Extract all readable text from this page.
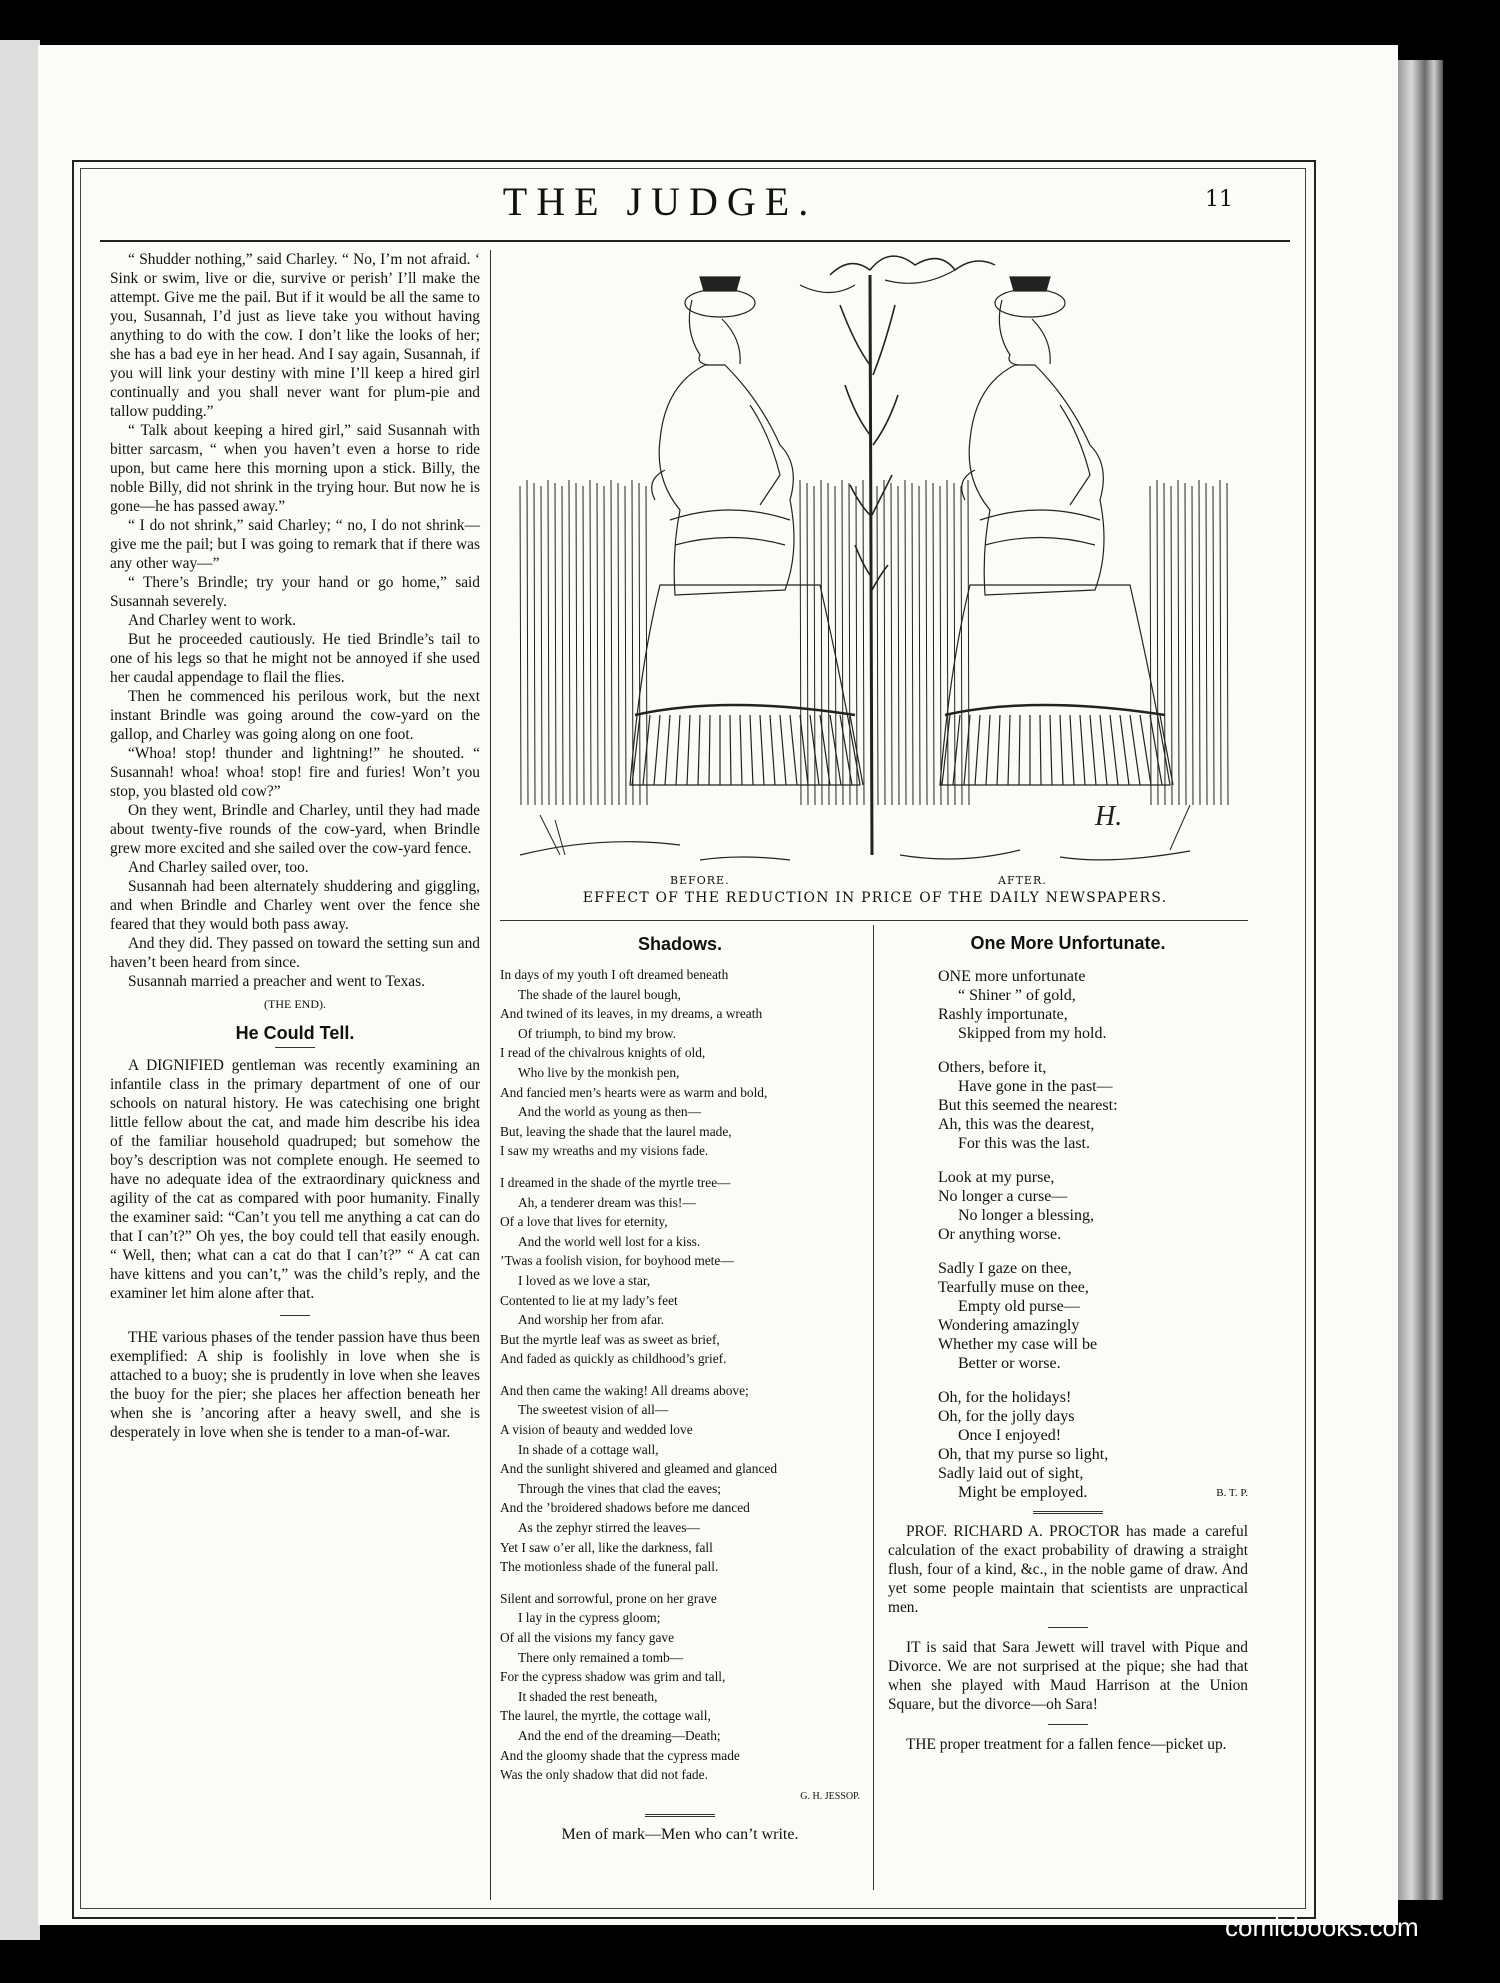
THE JUDGE.	11

“ Shudder nothing,” said Charley. “ No, I’m not afraid. ‘ Sink or swim, live or die, survive or perish’ I’ll make the attempt. Give me the pail. But if it would be all the same to you, Susannah, I’d just as lieve take you without having anything to do with the cow. I don’t like the looks of her; she has a bad eye in her head. And I say again, Susannah, if you will link your destiny with mine I’ll keep a hired girl continually and you shall never want for plum-pie and tallow pudding.”

“ Talk about keeping a hired girl,” said Susannah with bitter sarcasm, “ when you haven’t even a horse to ride upon, but came here this morning upon a stick. Billy, the noble Billy, did not shrink in the trying hour. But now he is gone—he has passed away.”

“ I do not shrink,” said Charley; “ no, I do not shrink—give me the pail; but I was going to remark that if there was any other way—”

“ There’s Brindle; try your hand or go home,” said Susannah severely.

And Charley went to work.

But he proceeded cautiously. He tied Brindle’s tail to one of his legs so that he might not be annoyed if she used her caudal appendage to flail the flies.

Then he commenced his perilous work, but the next instant Brindle was going around the cow-yard on the gallop, and Charley was going along on one foot.

“Whoa! stop! thunder and lightning!” he shouted. “ Susannah! whoa! whoa! stop! fire and furies! Won’t you stop, you blasted old cow?”

On they went, Brindle and Charley, until they had made about twenty-five rounds of the cow-yard, when Brindle grew more excited and she sailed over the cow-yard fence.

And Charley sailed over, too.

Susannah had been alternately shuddering and giggling, and when Brindle and Charley went over the fence she feared that they would both pass away.

And they did. They passed on toward the setting sun and haven’t been heard from since.

Susannah married a preacher and went to Texas.

(THE END).
He Could Tell.

A DIGNIFIED gentleman was recently examining an infantile class in the primary department of one of our schools on natural history. He was catechising one bright little fellow about the cat, and made him describe his idea of the familiar household quadruped; but somehow the boy’s description was not complete enough. He seemed to have no adequate idea of the extraordinary quickness and agility of the cat as compared with poor humanity. Finally the examiner said: “Can’t you tell me anything a cat can do that I can’t?” Oh yes, the boy could tell that easily enough. “ Well, then; what can a cat do that I can’t?” “ A cat can have kittens and you can’t,” was the child’s reply, and the examiner let him alone after that.

THE various phases of the tender passion have thus been exemplified: A ship is foolishly in love when she is attached to a buoy; she is prudently in love when she leaves the buoy for the pier; she places her affection beneath her when she is ’ancoring after a heavy swell, and she is desperately in love when she is tender to a man-of-war.

H.
BEFORE.	AFTER.
EFFECT OF THE REDUCTION IN PRICE OF THE DAILY NEWSPAPERS.
Shadows.
In days of my youth I oft dreamed beneath
The shade of the laurel bough,
And twined of its leaves, in my dreams, a wreath
Of triumph, to bind my brow.
I read of the chivalrous knights of old,
Who live by the monkish pen,
And fancied men’s hearts were as warm and bold,
And the world as young as then—
But, leaving the shade that the laurel made,
I saw my wreaths and my visions fade.
I dreamed in the shade of the myrtle tree—
Ah, a tenderer dream was this!—
Of a love that lives for eternity,
And the world well lost for a kiss.
’Twas a foolish vision, for boyhood mete—
I loved as we love a star,
Contented to lie at my lady’s feet
And worship her from afar.
But the myrtle leaf was as sweet as brief,
And faded as quickly as childhood’s grief.
And then came the waking! All dreams above;
The sweetest vision of all—
A vision of beauty and wedded love
In shade of a cottage wall,
And the sunlight shivered and gleamed and glanced
Through the vines that clad the eaves;
And the ’broidered shadows before me danced
As the zephyr stirred the leaves—
Yet I saw o’er all, like the darkness, fall
The motionless shade of the funeral pall.
Silent and sorrowful, prone on her grave
I lay in the cypress gloom;
Of all the visions my fancy gave
There only remained a tomb—
For the cypress shadow was grim and tall,
It shaded the rest beneath,
The laurel, the myrtle, the cottage wall,
And the end of the dreaming—Death;
And the gloomy shade that the cypress made
Was the only shadow that did not fade.
G. H. JESSOP.
Men of mark—Men who can’t write.
One More Unfortunate.
ONE more unfortunate
“ Shiner ” of gold,
Rashly importunate,
Skipped from my hold.
Others, before it,
Have gone in the past—
But this seemed the nearest:
Ah, this was the dearest,
For this was the last.
Look at my purse,
No longer a curse—
No longer a blessing,
Or anything worse.
Sadly I gaze on thee,
Tearfully muse on thee,
Empty old purse—
Wondering amazingly
Whether my case will be
Better or worse.
Oh, for the holidays!
Oh, for the jolly days
Once I enjoyed!
Oh, that my purse so light,
Sadly laid out of sight,
Might be employed.	B. T. P.

PROF. RICHARD A. PROCTOR has made a careful calculation of the exact probability of drawing a straight flush, four of a kind, &c., in the noble game of draw. And yet some people maintain that scientists are unpractical men.

IT is said that Sara Jewett will travel with Pique and Divorce. We are not surprised at the pique; she had that when she played with Maud Harrison at the Union Square, but the divorce—oh Sara!

THE proper treatment for a fallen fence—picket up.

comicbooks.com
